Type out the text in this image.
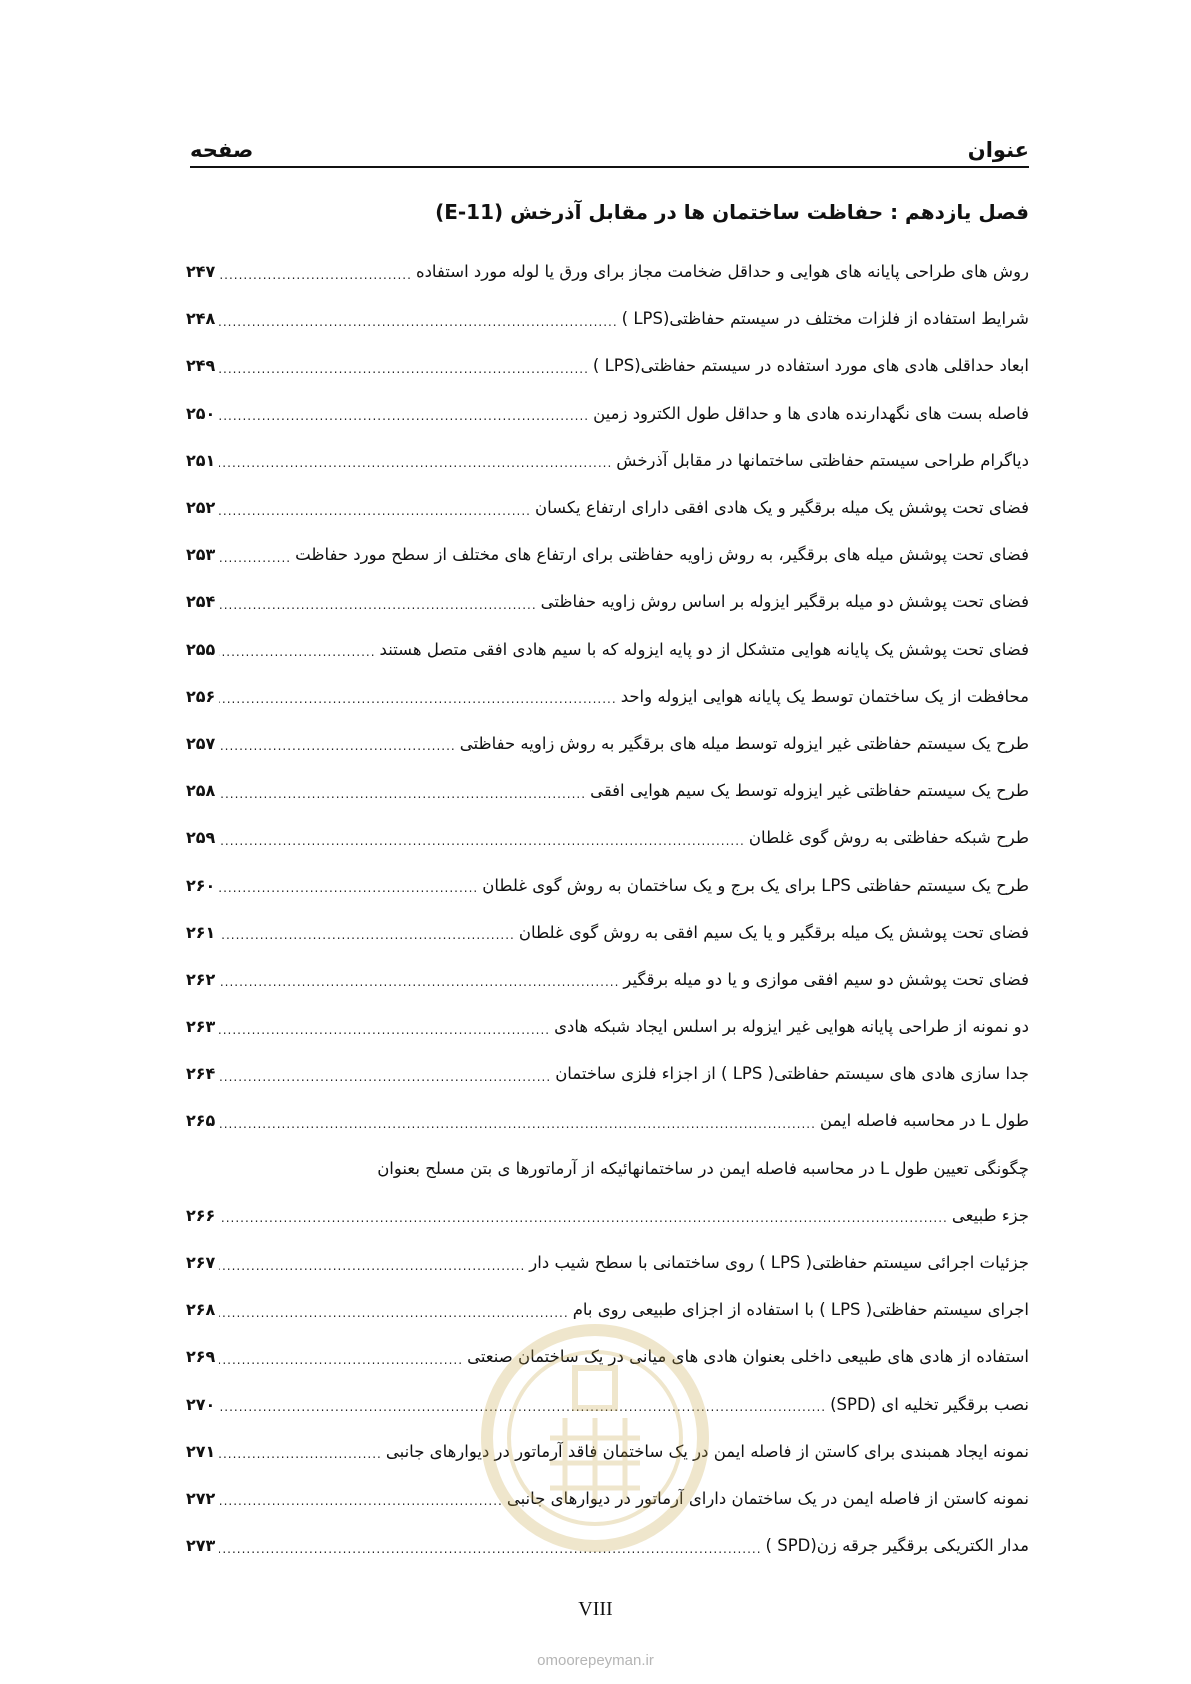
عنوان
صفحه
فصل یازدهم : حفاظت ساختمان ها در مقابل آذرخش (E-11)
روش های طراحی پایانه های هوایی و حداقل ضخامت مجاز برای ورق یا لوله مورد استفاده
.....
۲۴۷
شرایط استفاده از فلزات مختلف در سیستم حفاظتی(LPS )
.....
۲۴۸
ابعاد حداقلی هادی های مورد استفاده در سیستم حفاظتی(LPS )
.....
۲۴۹
فاصله بست های نگهدارنده هادی ها و حداقل طول الکترود زمین
.....
۲۵۰
دیاگرام طراحی سیستم حفاظتی ساختمانها در مقابل آذرخش
.....
۲۵۱
فضای تحت پوشش یک میله برقگیر و یک هادی افقی دارای ارتفاع یکسان
.....
۲۵۲
فضای تحت پوشش میله های برقگیر، به روش زاویه حفاظتی برای ارتفاع های مختلف از سطح مورد حفاظت
.....
۲۵۳
فضای تحت پوشش دو میله برقگیر ایزوله بر اساس روش زاویه حفاظتی
.....
۲۵۴
فضای تحت پوشش یک پایانه هوایی متشکل از دو پایه ایزوله که با سیم هادی افقی متصل هستند
.....
۲۵۵
محافظت از یک ساختمان توسط یک پایانه هوایی ایزوله واحد
.....
۲۵۶
طرح یک سیستم حفاظتی غیر ایزوله توسط میله های برقگیر به روش زاویه حفاظتی
.....
۲۵۷
طرح یک سیستم حفاظتی غیر ایزوله توسط یک سیم هوایی افقی
.....
۲۵۸
طرح شبکه حفاظتی به روش گوی غلطان
.....
۲۵۹
طرح یک سیستم حفاظتی LPS برای یک برج و یک ساختمان به روش گوی غلطان
.....
۲۶۰
فضای تحت پوشش یک میله برقگیر و یا یک سیم افقی به روش گوی غلطان
.....
۲۶۱
فضای تحت پوشش دو سیم افقی موازی و یا دو میله برقگیر
.....
۲۶۲
دو نمونه از طراحی پایانه هوایی غیر ایزوله بر اسلس ایجاد شبکه هادی
.....
۲۶۳
جدا سازی هادی های سیستم حفاظتی( LPS ) از اجزاء فلزی ساختمان
.....
۲۶۴
طول L در محاسبه فاصله ایمن
.....
۲۶۵
چگونگی تعیین طول L در محاسبه فاصله ایمن در ساختمانهائیکه از آرماتورها ی بتن مسلح بعنوان
جزء طبیعی
.....
۲۶۶
جزئیات اجرائی سیستم حفاظتی( LPS ) روی ساختمانی با سطح شیب دار
.....
۲۶۷
اجرای سیستم حفاظتی( LPS ) با استفاده از اجزای طبیعی روی بام
.....
۲۶۸
استفاده از هادی های طبیعی داخلی بعنوان هادی های میانی در یک ساختمان صنعتی
.....
۲۶۹
نصب برقگیر تخلیه ای (SPD)
.....
۲۷۰
نمونه ایجاد همبندی برای کاستن از فاصله ایمن در یک ساختمان فاقد آرماتور در دیوارهای جانبی
.....
۲۷۱
نمونه کاستن از فاصله ایمن در یک ساختمان دارای آرماتور در دیوارهای جانبی
.....
۲۷۲
مدار الکتریکی برقگیر جرقه زن(SPD )
.....
۲۷۳
VIII
omoorepeyman.ir
